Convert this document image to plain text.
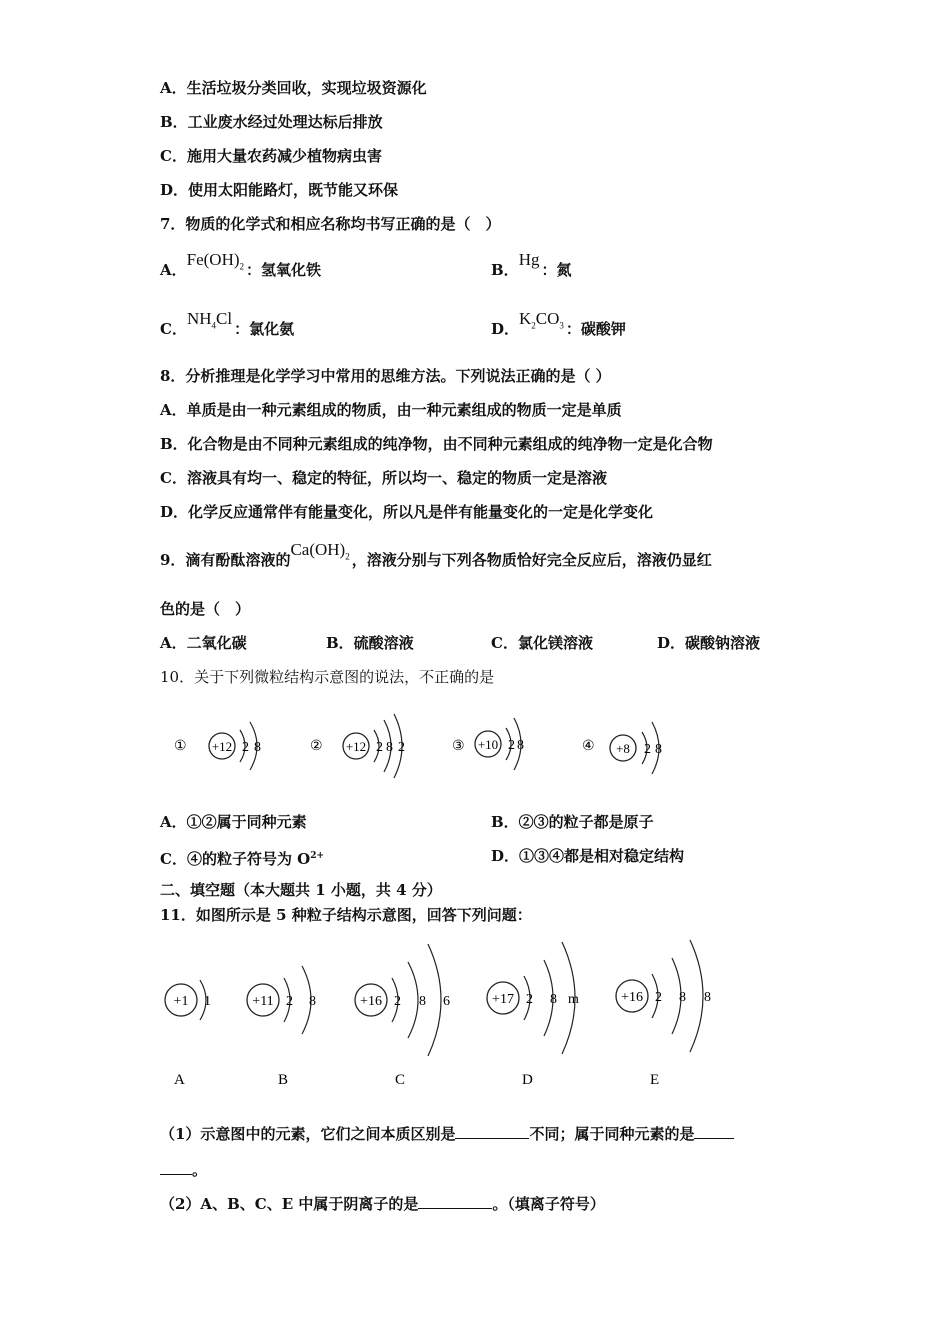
A．生活垃圾分类回收，实现垃圾资源化
B．工业废水经过处理达标后排放
C．施用大量农药减少植物病虫害
D．使用太阳能路灯，既节能又环保
7．物质的化学式和相应名称均书写正确的是（　）
A．$Fe(OH)_2$ ：氢氧化铁	B．Hg：氮
C．$NH_4Cl$：氯化氨	D．$K_2CO_3$ ：碳酸钾
8．分析推理是化学学习中常用的思维方法。下列说法正确的是（ ）
A．单质是由一种元素组成的物质，由一种元素组成的物质一定是单质
B．化合物是由不同种元素组成的纯净物，由不同种元素组成的纯净物一定是化合物
C．溶液具有均一、稳定的特征，所以均一、稳定的物质一定是溶液
D．化学反应通常伴有能量变化，所以凡是伴有能量变化的一定是化学变化
9．滴有酚酞溶液的$Ca(OH)_2$ ，溶液分别与下列各物质恰好完全反应后，溶液仍显红
色的是（　）
A．二氧化碳	B．硫酸溶液	C．氯化镁溶液	D．碳酸钠溶液
10．关于下列微粒结构示意图的说法，不正确的是
① +12 2 8	② +12 2 8 2	③ +10 2 8	④ +8 2 8
A．①②属于同种元素	B．②③的粒子都是原子
C．④的粒子符号为 $O^{2+}$	D．①③④都是相对稳定结构
二、填空题（本大题共 1 小题，共 4 分）
11．如图所示是 5 种粒子结构示意图，回答下列问题：
+1 1
A
+11 2 8
B
+16 2 8 6
C
+17 2 8 m
D
+16 2 8 8
E
（1）示意图中的元素，它们之间本质区别是	不同；属于同种元素的是
。
（2）A、B、C、E 中属于阴离子的是	。（填离子符号）
